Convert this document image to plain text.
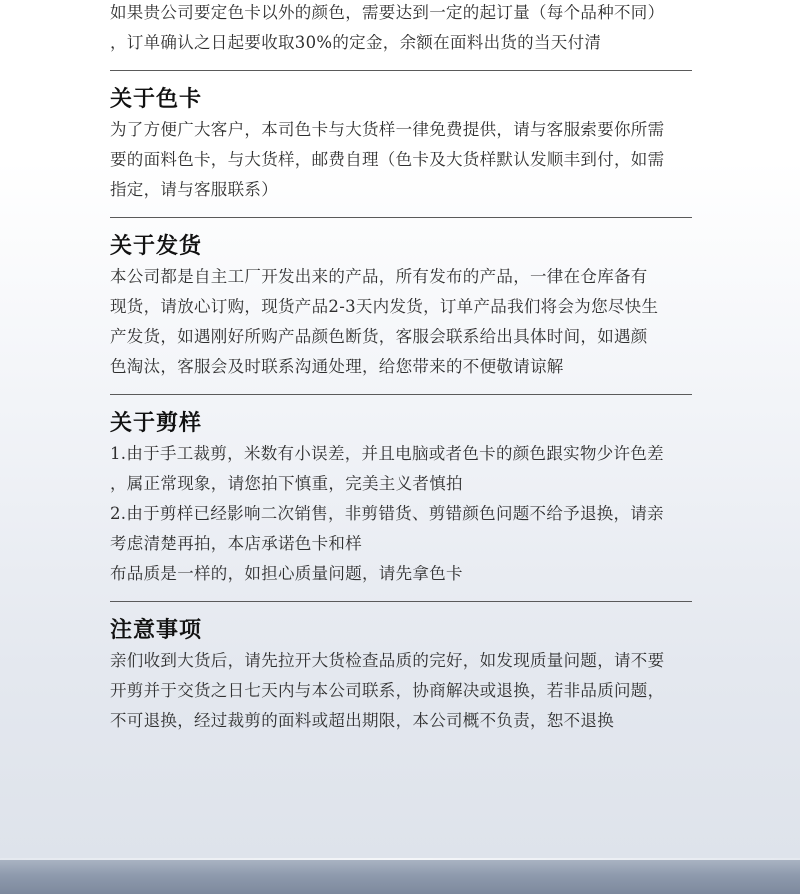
如果贵公司要定色卡以外的颜色，需要达到一定的起订量（每个品种不同）
，订单确认之日起要收取30%的定金，余额在面料出货的当天付清
关于色卡
为了方便广大客户，本司色卡与大货样一律免费提供，请与客服索要你所需
要的面料色卡，与大货样，邮费自理（色卡及大货样默认发顺丰到付，如需
指定，请与客服联系）
关于发货
本公司都是自主工厂开发出来的产品，所有发布的产品，一律在仓库备有
现货，请放心订购，现货产品2-3天内发货，订单产品我们将会为您尽快生
产发货，如遇刚好所购产品颜色断货，客服会联系给出具体时间，如遇颜
色淘汰，客服会及时联系沟通处理，给您带来的不便敬请谅解
关于剪样
1.由于手工裁剪，米数有小误差，并且电脑或者色卡的颜色跟实物少许色差
，属正常现象，请您拍下慎重，完美主义者慎拍
2.由于剪样已经影响二次销售，非剪错货、剪错颜色问题不给予退换，请亲
考虑清楚再拍，本店承诺色卡和样
布品质是一样的，如担心质量问题，请先拿色卡
注意事项
亲们收到大货后，请先拉开大货检查品质的完好，如发现质量问题，请不要
开剪并于交货之日七天内与本公司联系，协商解决或退换，若非品质问题，
不可退换，经过裁剪的面料或超出期限，本公司概不负责，恕不退换
